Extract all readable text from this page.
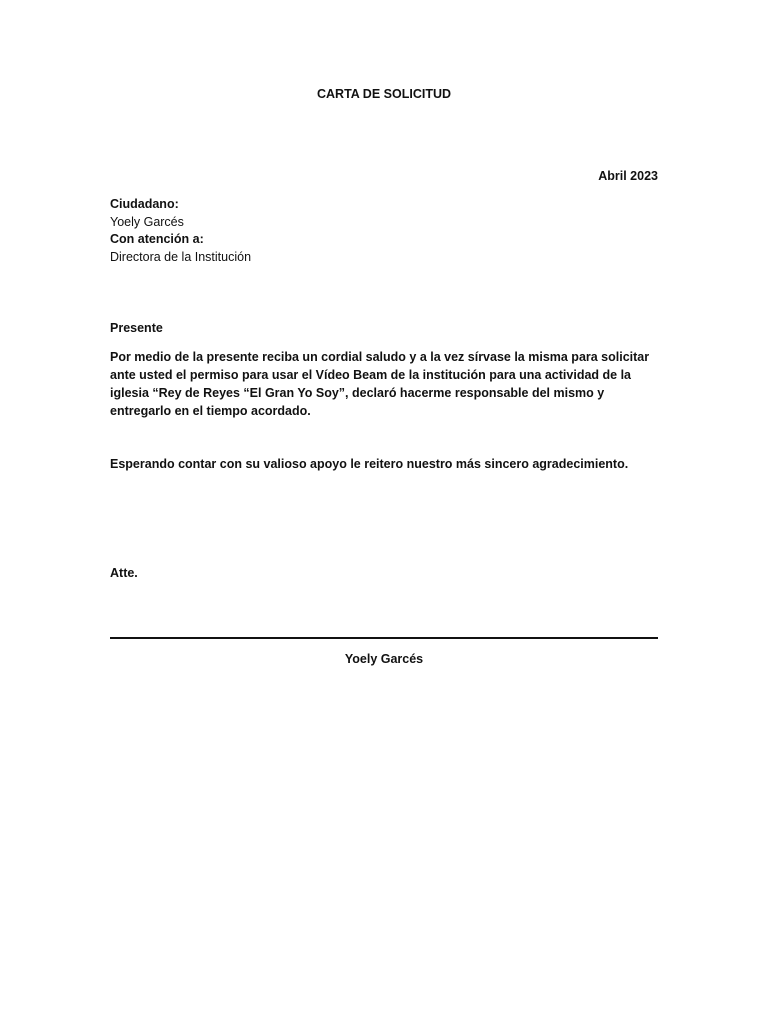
CARTA DE SOLICITUD
Abril 2023
Ciudadano:
Yoely Garcés
Con atención a:
Directora de la Institución
Presente
Por medio de la presente reciba un cordial saludo y a la vez sírvase la misma para solicitar ante usted el permiso para usar el Vídeo Beam de la institución para una actividad de la iglesia “Rey de Reyes “El Gran Yo Soy”, declaró hacerme responsable del mismo y entregarlo en el tiempo acordado.
Esperando contar con su valioso apoyo le reitero nuestro más sincero agradecimiento.
Atte.
Yoely Garcés
